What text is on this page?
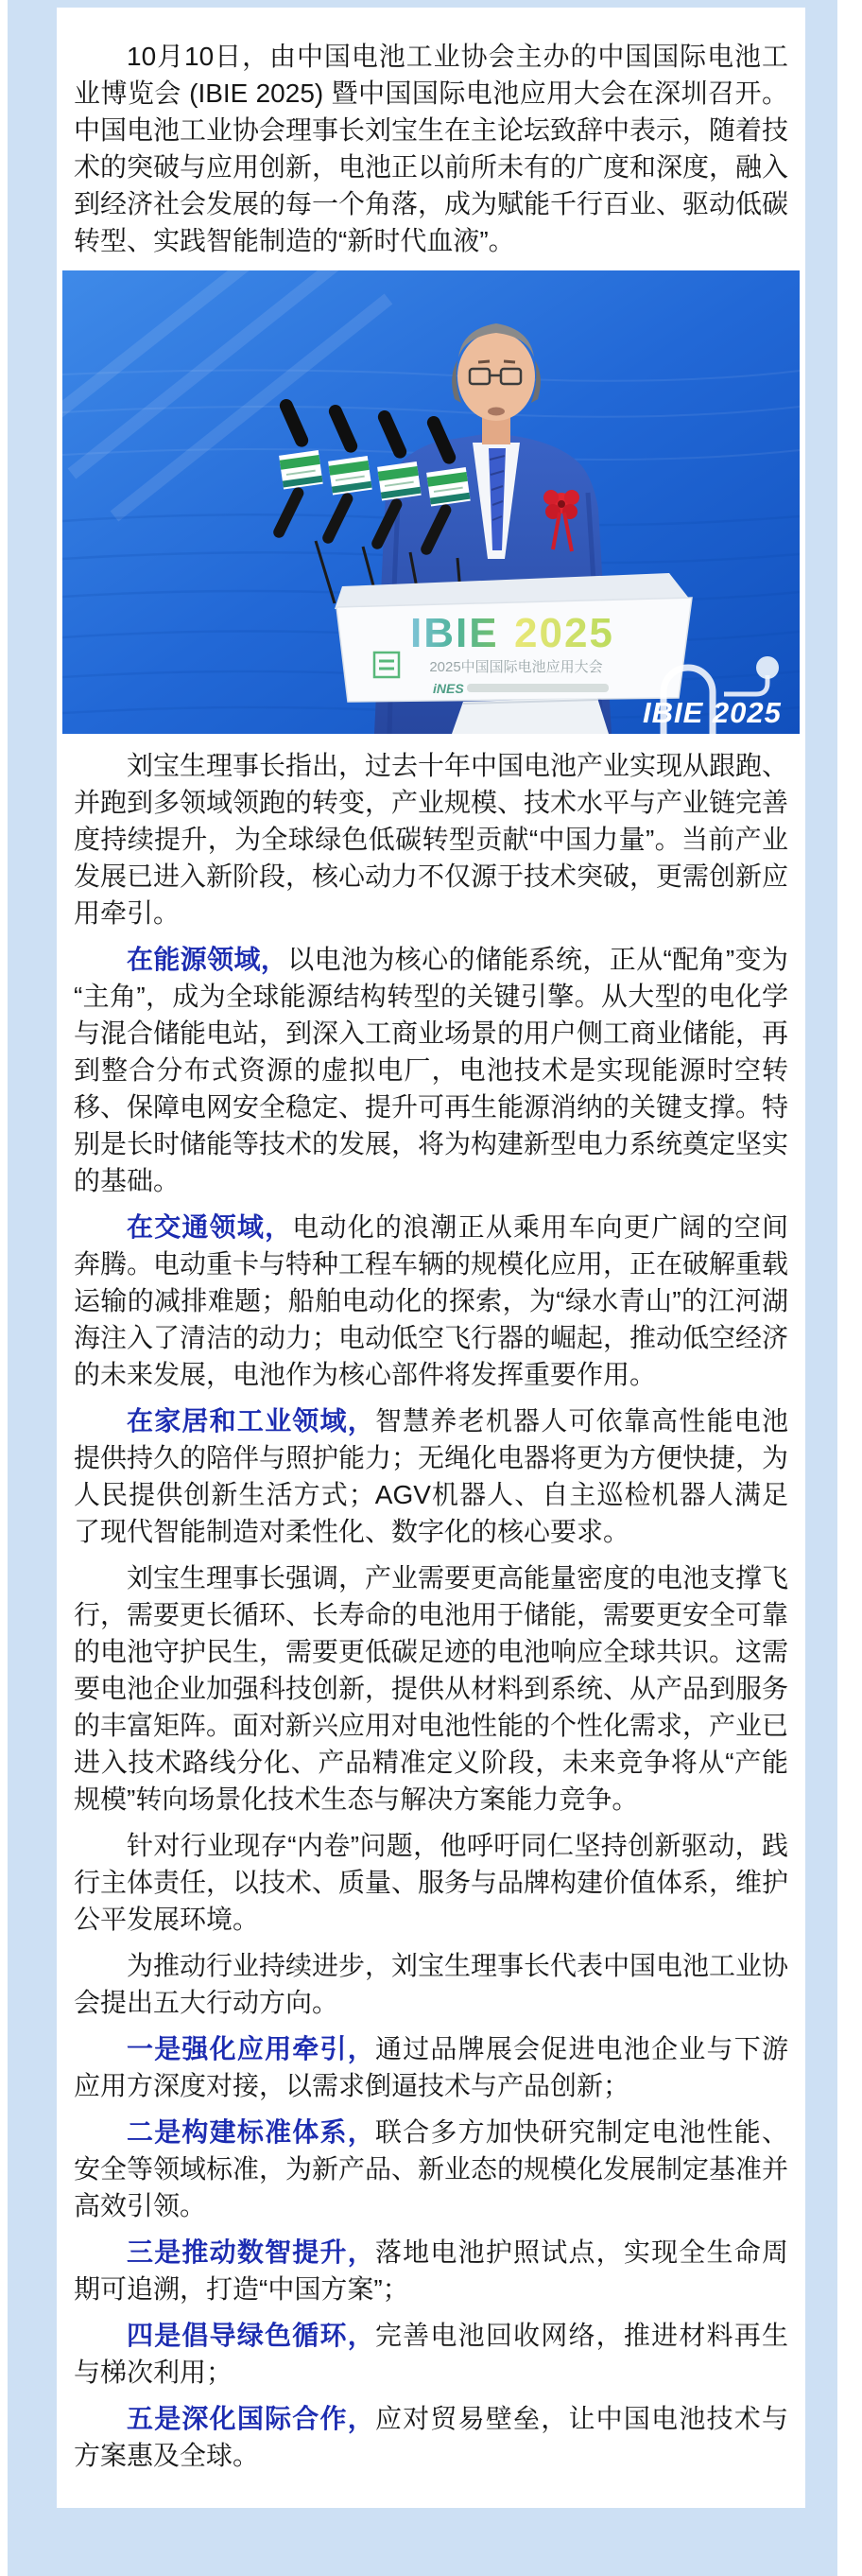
10月10日，由中国电池工业协会主办的中国国际电池工业博览会 (IBIE 2025) 暨中国国际电池应用大会在深圳召开。中国电池工业协会理事长刘宝生在主论坛致辞中表示，随着技术的突破与应用创新，电池正以前所未有的广度和深度，融入到经济社会发展的每一个角落，成为赋能千行百业、驱动低碳转型、实践智能制造的“新时代血液”。

IBIE 2025
2025中国国际电池应用大会
iNES
IBIE 2025

刘宝生理事长指出，过去十年中国电池产业实现从跟跑、并跑到多领域领跑的转变，产业规模、技术水平与产业链完善度持续提升，为全球绿色低碳转型贡献“中国力量”。当前产业发展已进入新阶段，核心动力不仅源于技术突破，更需创新应用牵引。

在能源领域，以电池为核心的储能系统，正从“配角”变为“主角”，成为全球能源结构转型的关键引擎。从大型的电化学与混合储能电站，到深入工商业场景的用户侧工商业储能，再到整合分布式资源的虚拟电厂，电池技术是实现能源时空转移、保障电网安全稳定、提升可再生能源消纳的关键支撑。特别是长时储能等技术的发展，将为构建新型电力系统奠定坚实的基础。

在交通领域，电动化的浪潮正从乘用车向更广阔的空间奔腾。电动重卡与特种工程车辆的规模化应用，正在破解重载运输的减排难题；船舶电动化的探索，为“绿水青山”的江河湖海注入了清洁的动力；电动低空飞行器的崛起，推动低空经济的未来发展，电池作为核心部件将发挥重要作用。

在家居和工业领域，智慧养老机器人可依靠高性能电池提供持久的陪伴与照护能力；无绳化电器将更为方便快捷，为人民提供创新生活方式；AGV机器人、自主巡检机器人满足了现代智能制造对柔性化、数字化的核心要求。

刘宝生理事长强调，产业需要更高能量密度的电池支撑飞行，需要更长循环、长寿命的电池用于储能，需要更安全可靠的电池守护民生，需要更低碳足迹的电池响应全球共识。这需要电池企业加强科技创新，提供从材料到系统、从产品到服务的丰富矩阵。面对新兴应用对电池性能的个性化需求，产业已进入技术路线分化、产品精准定义阶段，未来竞争将从“产能规模”转向场景化技术生态与解决方案能力竞争。

针对行业现存“内卷”问题，他呼吁同仁坚持创新驱动，践行主体责任，以技术、质量、服务与品牌构建价值体系，维护公平发展环境。

为推动行业持续进步，刘宝生理事长代表中国电池工业协会提出五大行动方向。

一是强化应用牵引，通过品牌展会促进电池企业与下游应用方深度对接，以需求倒逼技术与产品创新；

二是构建标准体系，联合多方加快研究制定电池性能、安全等领域标准，为新产品、新业态的规模化发展制定基准并高效引领。

三是推动数智提升，落地电池护照试点，实现全生命周期可追溯，打造“中国方案”；

四是倡导绿色循环，完善电池回收网络，推进材料再生与梯次利用；

五是深化国际合作，应对贸易壁垒，让中国电池技术与方案惠及全球。
